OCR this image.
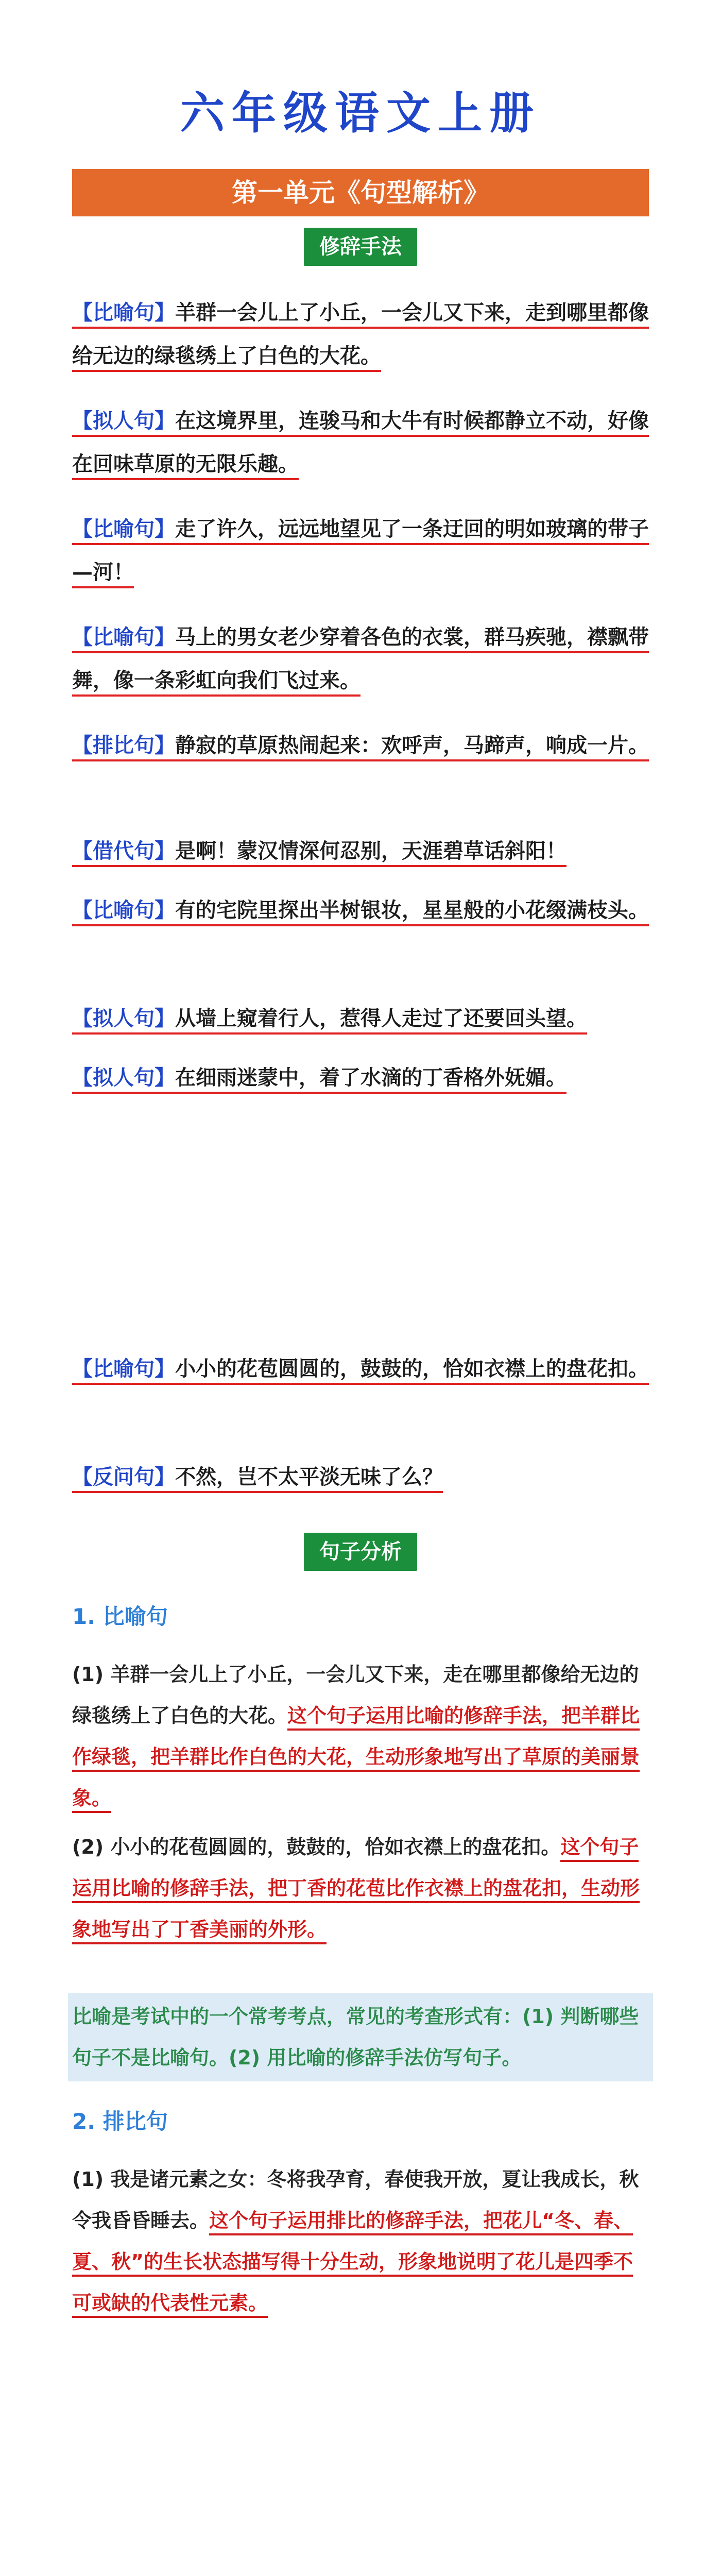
六年级语文上册
第一单元《句型解析》
修辞手法
【比喻句】羊群一会儿上了小丘，一会儿又下来，走到哪里都像给无边的绿毯绣上了白色的大花。
【拟人句】在这境界里，连骏马和大牛有时候都静立不动，好像在回味草原的无限乐趣。
【比喻句】走了许久，远远地望见了一条迂回的明如玻璃的带子—河！
【比喻句】马上的男女老少穿着各色的衣裳，群马疾驰，襟飘带舞，像一条彩虹向我们飞过来。
【排比句】静寂的草原热闹起来：欢呼声，马蹄声，响成一片。
【借代句】是啊！蒙汉情深何忍别，天涯碧草话斜阳！
【比喻句】有的宅院里探出半树银妆，星星般的小花缀满枝头。
【拟人句】从墙上窥着行人，惹得人走过了还要回头望。
【拟人句】在细雨迷蒙中，着了水滴的丁香格外妩媚。
【比喻句】小小的花苞圆圆的，鼓鼓的，恰如衣襟上的盘花扣。
【反问句】不然，岂不太平淡无味了么？
句子分析
1. 比喻句
(1) 羊群一会儿上了小丘，一会儿又下来，走在哪里都像给无边的绿毯绣上了白色的大花。这个句子运用比喻的修辞手法，把羊群比作绿毯，把羊群比作白色的大花，生动形象地写出了草原的美丽景象。
(2) 小小的花苞圆圆的，鼓鼓的，恰如衣襟上的盘花扣。这个句子运用比喻的修辞手法，把丁香的花苞比作衣襟上的盘花扣，生动形象地写出了丁香美丽的外形。
比喻是考试中的一个常考考点，常见的考查形式有：(1) 判断哪些句子不是比喻句。(2) 用比喻的修辞手法仿写句子。
2. 排比句
(1) 我是诸元素之女：冬将我孕育，春使我开放，夏让我成长，秋令我昏昏睡去。这个句子运用排比的修辞手法，把花儿“冬、春、夏、秋”的生长状态描写得十分生动，形象地说明了花儿是四季不可或缺的代表性元素。
